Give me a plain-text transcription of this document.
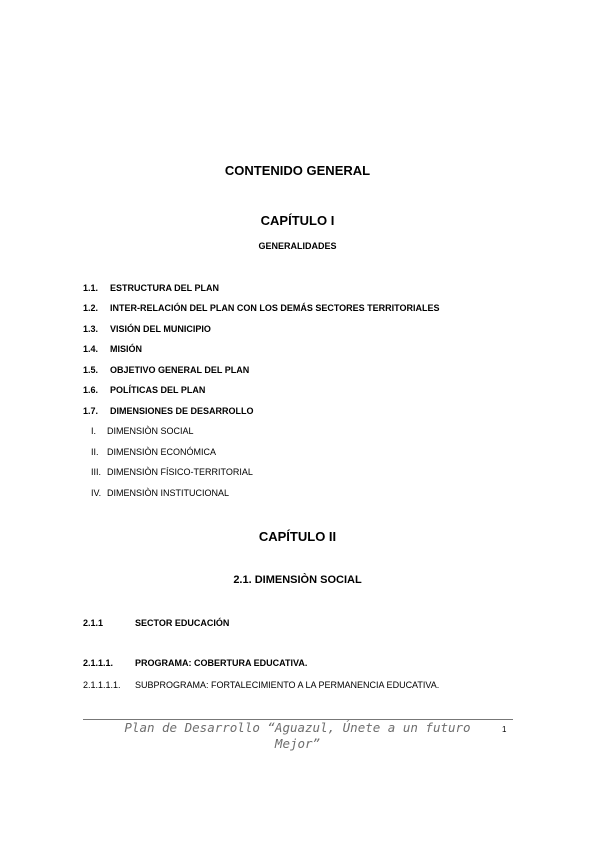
CONTENIDO GENERAL
CAPÍTULO I
GENERALIDADES
1.1. ESTRUCTURA DEL PLAN
1.2. INTER-RELACIÓN DEL PLAN CON LOS DEMÁS SECTORES TERRITORIALES
1.3. VISIÓN DEL MUNICIPIO
1.4. MISIÓN
1.5. OBJETIVO GENERAL DEL PLAN
1.6. POLÍTICAS DEL PLAN
1.7. DIMENSIONES DE DESARROLLO
I. DIMENSIÒN SOCIAL
II. DIMENSIÒN ECONÓMICA
III. DIMENSIÒN FÍSICO-TERRITORIAL
IV. DIMENSIÒN INSTITUCIONAL
CAPÍTULO II
2.1. DIMENSIÒN SOCIAL
2.1.1	SECTOR EDUCACIÓN
2.1.1.1. PROGRAMA: COBERTURA EDUCATIVA.
2.1.1.1.1. SUBPROGRAMA: FORTALECIMIENTO A LA PERMANENCIA EDUCATIVA.
Plan de Desarrollo “Aguazul, Únete a un futuro Mejor”
1
